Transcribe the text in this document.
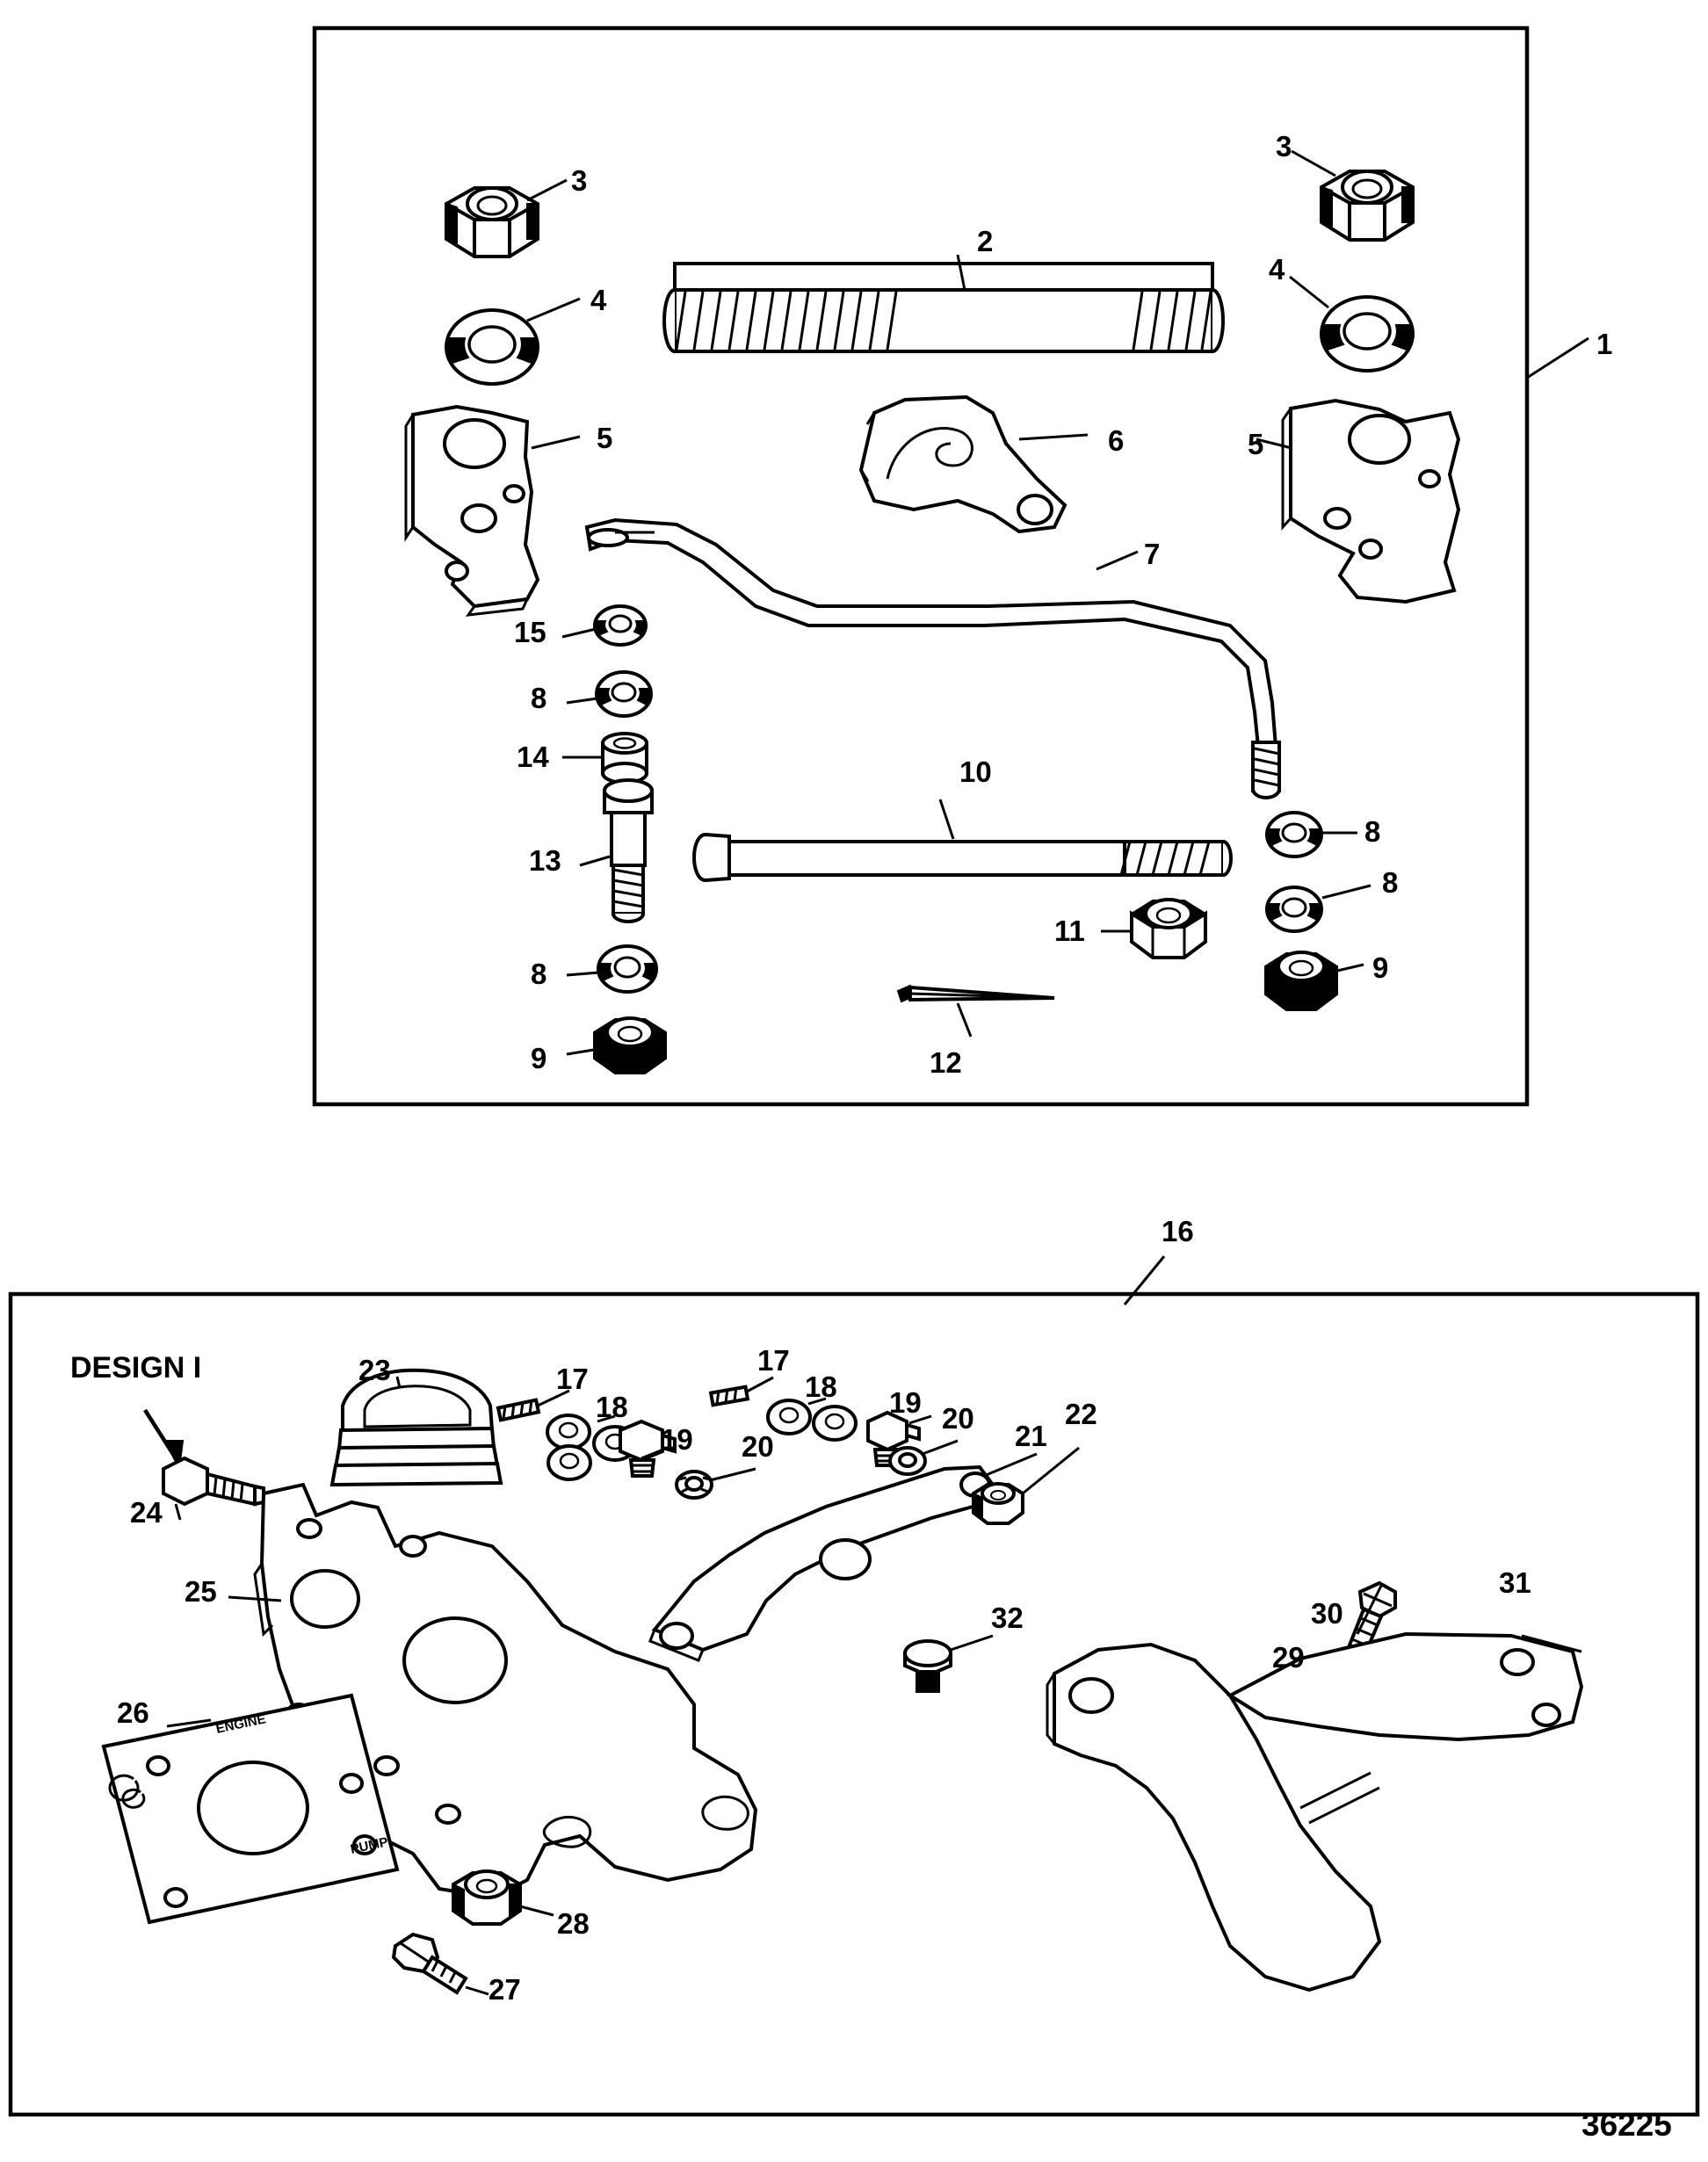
ENGINE
PUMP
DESIGN I
36225
1
2
3
3
4
4
5	5
6
7
8
8
8
8
9
9
10
11
12
13
14
15
16
17
17
18
18
19
19
20
20
21
22
23
24
25
26
27
28
29
30
31
32
